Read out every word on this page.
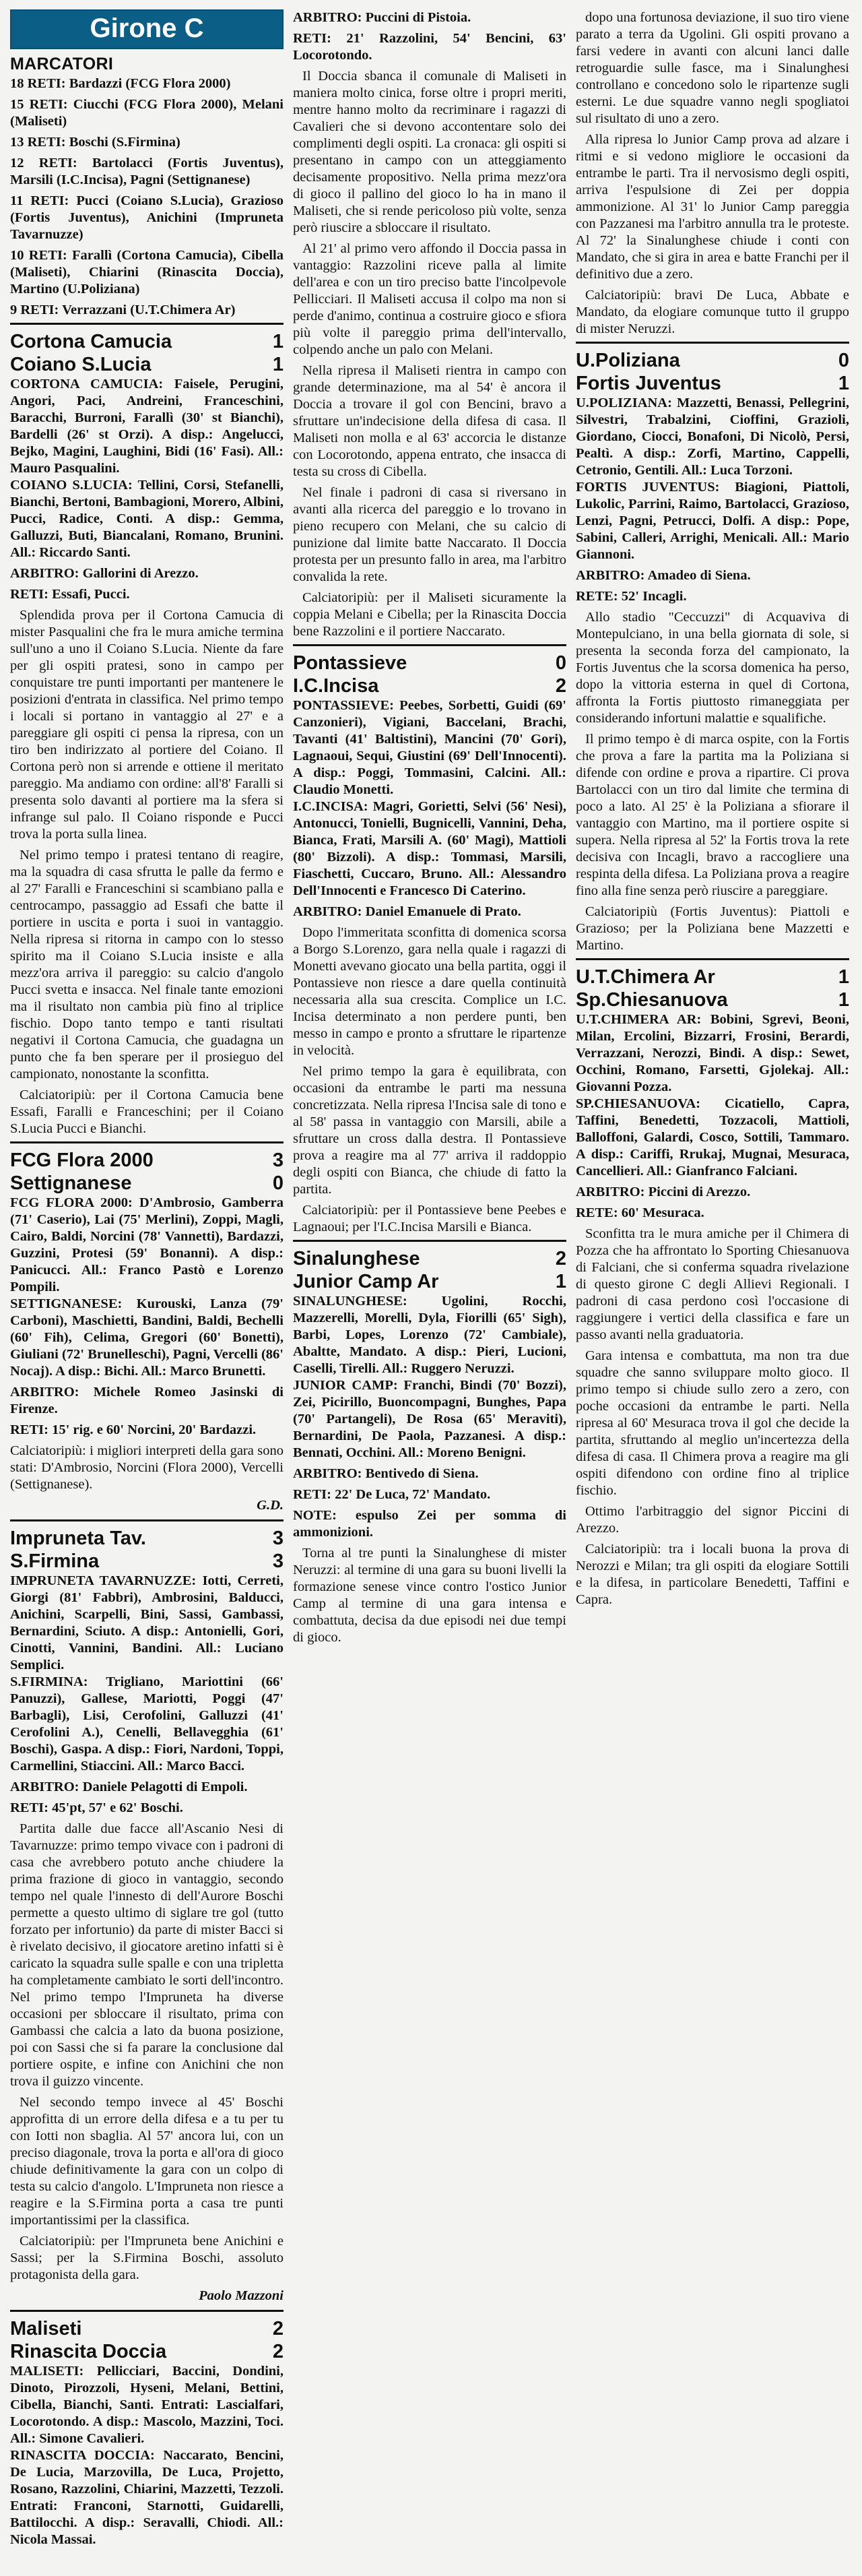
Girone C
MARCATORI

18 RETI: Bardazzi (FCG Flora 2000)

15 RETI: Ciucchi (FCG Flora 2000), Melani (Maliseti)

13 RETI: Boschi (S.Firmina)

12 RETI: Bartolacci (Fortis Juventus), Marsili (I.C.Incisa), Pagni (Settignanese)

11 RETI: Pucci (Coiano S.Lucia), Grazioso (Fortis Juventus), Anichini (Impruneta Tavarnuzze)

10 RETI: Farallì (Cortona Camucia), Cibella (Maliseti), Chiarini (Rinascita Doccia), Martino (U.Poliziana)

9 RETI: Verrazzani (U.T.Chimera Ar)

Cortona Camucia	1
Coiano S.Lucia	1

CORTONA CAMUCIA: Faisele, Perugini, Angori, Paci, Andreini, Franceschini, Baracchi, Burroni, Farallì (30' st Bianchi), Bardelli (26' st Orzi). A disp.: Angelucci, Bejko, Magini, Laughini, Bidi (16' Fasi). All.: Mauro Pasqualini.
COIANO S.LUCIA: Tellini, Corsi, Stefanelli, Bianchi, Bertoni, Bambagioni, Morero, Albini, Pucci, Radice, Conti. A disp.: Gemma, Galluzzi, Buti, Biancalani, Romano, Brunini. All.: Riccardo Santi.

ARBITRO: Gallorini di Arezzo.

RETI: Essafi, Pucci.

Splendida prova per il Cortona Camucia di mister Pasqualini che fra le mura amiche termina sull'uno a uno il Coiano S.Lucia. Niente da fare per gli ospiti pratesi, sono in campo per conquistare tre punti importanti per mantenere le posizioni d'entrata in classifica. Nel primo tempo i locali si portano in vantaggio al 27' e a pareggiare gli ospiti ci pensa la ripresa, con un tiro ben indirizzato al portiere del Coiano. Il Cortona però non si arrende e ottiene il meritato pareggio. Ma andiamo con ordine: all'8' Faralli si presenta solo davanti al portiere ma la sfera si infrange sul palo. Il Coiano risponde e Pucci trova la porta sulla linea.

Nel primo tempo i pratesi tentano di reagire, ma la squadra di casa sfrutta le palle da fermo e al 27' Faralli e Franceschini si scambiano palla e centrocampo, passaggio ad Essafi che batte il portiere in uscita e porta i suoi in vantaggio. Nella ripresa si ritorna in campo con lo stesso spirito ma il Coiano S.Lucia insiste e alla mezz'ora arriva il pareggio: su calcio d'angolo Pucci svetta e insacca. Nel finale tante emozioni ma il risultato non cambia più fino al triplice fischio. Dopo tanto tempo e tanti risultati negativi il Cortona Camucia, che guadagna un punto che fa ben sperare per il prosieguo del campionato, nonostante la sconfitta.

Calciatoripiù: per il Cortona Camucia bene Essafi, Faralli e Franceschini; per il Coiano S.Lucia Pucci e Bianchi.

FCG Flora 2000	3
Settignanese	0

FCG FLORA 2000: D'Ambrosio, Gamberra (71' Caserio), Lai (75' Merlini), Zoppi, Magli, Cairo, Baldi, Norcini (78' Vannetti), Bardazzi, Guzzini, Protesi (59' Bonanni). A disp.: Panicucci. All.: Franco Pastò e Lorenzo Pompili.
SETTIGNANESE: Kurouski, Lanza (79' Carboni), Maschietti, Bandini, Baldi, Bechelli (60' Fih), Celima, Gregori (60' Bonetti), Giuliani (72' Brunelleschi), Pagni, Vercelli (86' Nocaj). A disp.: Bichi. All.: Marco Brunetti.

ARBITRO: Michele Romeo Jasinski di Firenze.

RETI: 15' rig. e 60' Norcini, 20' Bardazzi.

Calciatoripiù: i migliori interpreti della gara sono stati: D'Ambrosio, Norcini (Flora 2000), Vercelli (Settignanese).

G.D.
Impruneta Tav.	3
S.Firmina	3

IMPRUNETA TAVARNUZZE: Iotti, Cerreti, Giorgi (81' Fabbri), Ambrosini, Balducci, Anichini, Scarpelli, Bini, Sassi, Gambassi, Bernardini, Sciuto. A disp.: Antonielli, Gori, Cinotti, Vannini, Bandini. All.: Luciano Semplici.
S.FIRMINA: Trigliano, Mariottini (66' Panuzzi), Gallese, Mariotti, Poggi (47' Barbagli), Lisi, Cerofolini, Galluzzi (41' Cerofolini A.), Cenelli, Bellavegghia (61' Boschi), Gaspa. A disp.: Fiori, Nardoni, Toppi, Carmellini, Stiaccini. All.: Marco Bacci.

ARBITRO: Daniele Pelagotti di Empoli.

RETI: 45'pt, 57' e 62' Boschi.

Partita dalle due facce all'Ascanio Nesi di Tavarnuzze: primo tempo vivace con i padroni di casa che avrebbero potuto anche chiudere la prima frazione di gioco in vantaggio, secondo tempo nel quale l'innesto di dell'Aurore Boschi permette a questo ultimo di siglare tre gol (tutto forzato per infortunio) da parte di mister Bacci si è rivelato decisivo, il giocatore aretino infatti si è caricato la squadra sulle spalle e con una tripletta ha completamente cambiato le sorti dell'incontro. Nel primo tempo l'Impruneta ha diverse occasioni per sbloccare il risultato, prima con Gambassi che calcia a lato da buona posizione, poi con Sassi che si fa parare la conclusione dal portiere ospite, e infine con Anichini che non trova il guizzo vincente.

Nel secondo tempo invece al 45' Boschi approfitta di un errore della difesa e a tu per tu con Iotti non sbaglia. Al 57' ancora lui, con un preciso diagonale, trova la porta e all'ora di gioco chiude definitivamente la gara con un colpo di testa su calcio d'angolo. L'Impruneta non riesce a reagire e la S.Firmina porta a casa tre punti importantissimi per la classifica.

Calciatoripiù: per l'Impruneta bene Anichini e Sassi; per la S.Firmina Boschi, assoluto protagonista della gara.

Paolo Mazzoni
Maliseti	2
Rinascita Doccia	2

MALISETI: Pellicciari, Baccini, Dondini, Dinoto, Pirozzoli, Hyseni, Melani, Bettini, Cibella, Bianchi, Santi. Entrati: Lascialfari, Locorotondo. A disp.: Mascolo, Mazzini, Toci. All.: Simone Cavalieri.
RINASCITA DOCCIA: Naccarato, Bencini, De Lucia, Marzovilla, De Luca, Projetto, Rosano, Razzolini, Chiarini, Mazzetti, Tezzoli. Entrati: Franconi, Starnotti, Guidarelli, Battilocchi. A disp.: Seravalli, Chiodi. All.: Nicola Massai.

ARBITRO: Puccini di Pistoia.

RETI: 21' Razzolini, 54' Bencini, 63' Locorotondo.

Il Doccia sbanca il comunale di Maliseti in maniera molto cinica, forse oltre i propri meriti, mentre hanno molto da recriminare i ragazzi di Cavalieri che si devono accontentare solo dei complimenti degli ospiti. La cronaca: gli ospiti si presentano in campo con un atteggiamento decisamente propositivo. Nella prima mezz'ora di gioco il pallino del gioco lo ha in mano il Maliseti, che si rende pericoloso più volte, senza però riuscire a sbloccare il risultato.

Al 21' al primo vero affondo il Doccia passa in vantaggio: Razzolini riceve palla al limite dell'area e con un tiro preciso batte l'incolpevole Pellicciari. Il Maliseti accusa il colpo ma non si perde d'animo, continua a costruire gioco e sfiora più volte il pareggio prima dell'intervallo, colpendo anche un palo con Melani.

Nella ripresa il Maliseti rientra in campo con grande determinazione, ma al 54' è ancora il Doccia a trovare il gol con Bencini, bravo a sfruttare un'indecisione della difesa di casa. Il Maliseti non molla e al 63' accorcia le distanze con Locorotondo, appena entrato, che insacca di testa su cross di Cibella.

Nel finale i padroni di casa si riversano in avanti alla ricerca del pareggio e lo trovano in pieno recupero con Melani, che su calcio di punizione dal limite batte Naccarato. Il Doccia protesta per un presunto fallo in area, ma l'arbitro convalida la rete.

Calciatoripiù: per il Maliseti sicuramente la coppia Melani e Cibella; per la Rinascita Doccia bene Razzolini e il portiere Naccarato.

Pontassieve	0
I.C.Incisa	2

PONTASSIEVE: Peebes, Sorbetti, Guidi (69' Canzonieri), Vigiani, Baccelani, Brachi, Tavanti (41' Baltistini), Mancini (70' Gori), Lagnaoui, Sequi, Giustini (69' Dell'Innocenti). A disp.: Poggi, Tommasini, Calcini. All.: Claudio Monetti.
I.C.INCISA: Magri, Gorietti, Selvi (56' Nesi), Antonucci, Tonielli, Bugnicelli, Vannini, Deha, Bianca, Frati, Marsili A. (60' Magi), Mattioli (80' Bizzoli). A disp.: Tommasi, Marsili, Fiaschetti, Cuccaro, Bruno. All.: Alessandro Dell'Innocenti e Francesco Di Caterino.

ARBITRO: Daniel Emanuele di Prato.

Dopo l'immeritata sconfitta di domenica scorsa a Borgo S.Lorenzo, gara nella quale i ragazzi di Monetti avevano giocato una bella partita, oggi il Pontassieve non riesce a dare quella continuità necessaria alla sua crescita. Complice un I.C. Incisa determinato a non perdere punti, ben messo in campo e pronto a sfruttare le ripartenze in velocità.

Nel primo tempo la gara è equilibrata, con occasioni da entrambe le parti ma nessuna concretizzata. Nella ripresa l'Incisa sale di tono e al 58' passa in vantaggio con Marsili, abile a sfruttare un cross dalla destra. Il Pontassieve prova a reagire ma al 77' arriva il raddoppio degli ospiti con Bianca, che chiude di fatto la partita.

Calciatoripiù: per il Pontassieve bene Peebes e Lagnaoui; per l'I.C.Incisa Marsili e Bianca.

Sinalunghese	2
Junior Camp Ar	1

SINALUNGHESE: Ugolini, Rocchi, Mazzerelli, Morelli, Dyla, Fiorilli (65' Sigh), Barbi, Lopes, Lorenzo (72' Cambiale), Abaltte, Mandato. A disp.: Pieri, Lucioni, Caselli, Tirelli. All.: Ruggero Neruzzi.
JUNIOR CAMP: Franchi, Bindi (70' Bozzi), Zei, Picirillo, Buoncompagni, Bunghes, Papa (70' Partangeli), De Rosa (65' Meraviti), Bernardini, De Paola, Pazzanesi. A disp.: Bennati, Occhini. All.: Moreno Benigni.

ARBITRO: Bentivedo di Siena.

RETI: 22' De Luca, 72' Mandato.

NOTE: espulso Zei per somma di ammonizioni.

Torna al tre punti la Sinalunghese di mister Neruzzi: al termine di una gara su buoni livelli la formazione senese vince contro l'ostico Junior Camp al termine di una gara intensa e combattuta, decisa da due episodi nei due tempi di gioco.

dopo una fortunosa deviazione, il suo tiro viene parato a terra da Ugolini. Gli ospiti provano a farsi vedere in avanti con alcuni lanci dalle retroguardie sulle fasce, ma i Sinalunghesi controllano e concedono solo le ripartenze sugli esterni. Le due squadre vanno negli spogliatoi sul risultato di uno a zero.

Alla ripresa lo Junior Camp prova ad alzare i ritmi e si vedono migliore le occasioni da entrambe le parti. Tra il nervosismo degli ospiti, arriva l'espulsione di Zei per doppia ammonizione. Al 31' lo Junior Camp pareggia con Pazzanesi ma l'arbitro annulla tra le proteste. Al 72' la Sinalunghese chiude i conti con Mandato, che si gira in area e batte Franchi per il definitivo due a zero.

Calciatoripiù: bravi De Luca, Abbate e Mandato, da elogiare comunque tutto il gruppo di mister Neruzzi.

U.Poliziana	0
Fortis Juventus	1

U.POLIZIANA: Mazzetti, Benassi, Pellegrini, Silvestri, Trabalzini, Cioffini, Grazioli, Giordano, Ciocci, Bonafoni, Di Nicolò, Persi, Pealtì. A disp.: Zorfi, Martino, Cappelli, Cetronio, Gentili. All.: Luca Torzoni.
FORTIS JUVENTUS: Biagioni, Piattoli, Lukolic, Parrini, Raimo, Bartolacci, Grazioso, Lenzi, Pagni, Petrucci, Dolfi. A disp.: Pope, Sabini, Calleri, Arrighi, Menicali. All.: Mario Giannoni.

ARBITRO: Amadeo di Siena.

RETE: 52' Incagli.

Allo stadio "Ceccuzzi" di Acquaviva di Montepulciano, in una bella giornata di sole, si presenta la seconda forza del campionato, la Fortis Juventus che la scorsa domenica ha perso, dopo la vittoria esterna in quel di Cortona, affronta la Fortis piuttosto rimaneggiata per considerando infortuni malattie e squalifiche.

Il primo tempo è di marca ospite, con la Fortis che prova a fare la partita ma la Poliziana si difende con ordine e prova a ripartire. Ci prova Bartolacci con un tiro dal limite che termina di poco a lato. Al 25' è la Poliziana a sfiorare il vantaggio con Martino, ma il portiere ospite si supera. Nella ripresa al 52' la Fortis trova la rete decisiva con Incagli, bravo a raccogliere una respinta della difesa. La Poliziana prova a reagire fino alla fine senza però riuscire a pareggiare.

Calciatoripiù (Fortis Juventus): Piattoli e Grazioso; per la Poliziana bene Mazzetti e Martino.

U.T.Chimera Ar	1
Sp.Chiesanuova	1

U.T.CHIMERA AR: Bobini, Sgrevi, Beoni, Milan, Ercolini, Bizzarri, Frosini, Berardi, Verrazzani, Nerozzi, Bindi. A disp.: Sewet, Occhini, Romano, Farsetti, Gjolekaj. All.: Giovanni Pozza.
SP.CHIESANUOVA: Cicatiello, Capra, Taffini, Benedetti, Tozzacoli, Mattioli, Balloffoni, Galardi, Cosco, Sottili, Tammaro. A disp.: Cariffi, Rrukaj, Mugnai, Mesuraca, Cancellieri. All.: Gianfranco Falciani.

ARBITRO: Piccini di Arezzo.

RETE: 60' Mesuraca.

Sconfitta tra le mura amiche per il Chimera di Pozza che ha affrontato lo Sporting Chiesanuova di Falciani, che si conferma squadra rivelazione di questo girone C degli Allievi Regionali. I padroni di casa perdono così l'occasione di raggiungere i vertici della classifica e fare un passo avanti nella graduatoria.

Gara intensa e combattuta, ma non tra due squadre che sanno sviluppare molto gioco. Il primo tempo si chiude sullo zero a zero, con poche occasioni da entrambe le parti. Nella ripresa al 60' Mesuraca trova il gol che decide la partita, sfruttando al meglio un'incertezza della difesa di casa. Il Chimera prova a reagire ma gli ospiti difendono con ordine fino al triplice fischio.

Ottimo l'arbitraggio del signor Piccini di Arezzo.

Calciatoripiù: tra i locali buona la prova di Nerozzi e Milan; tra gli ospiti da elogiare Sottili e la difesa, in particolare Benedetti, Taffini e Capra.
